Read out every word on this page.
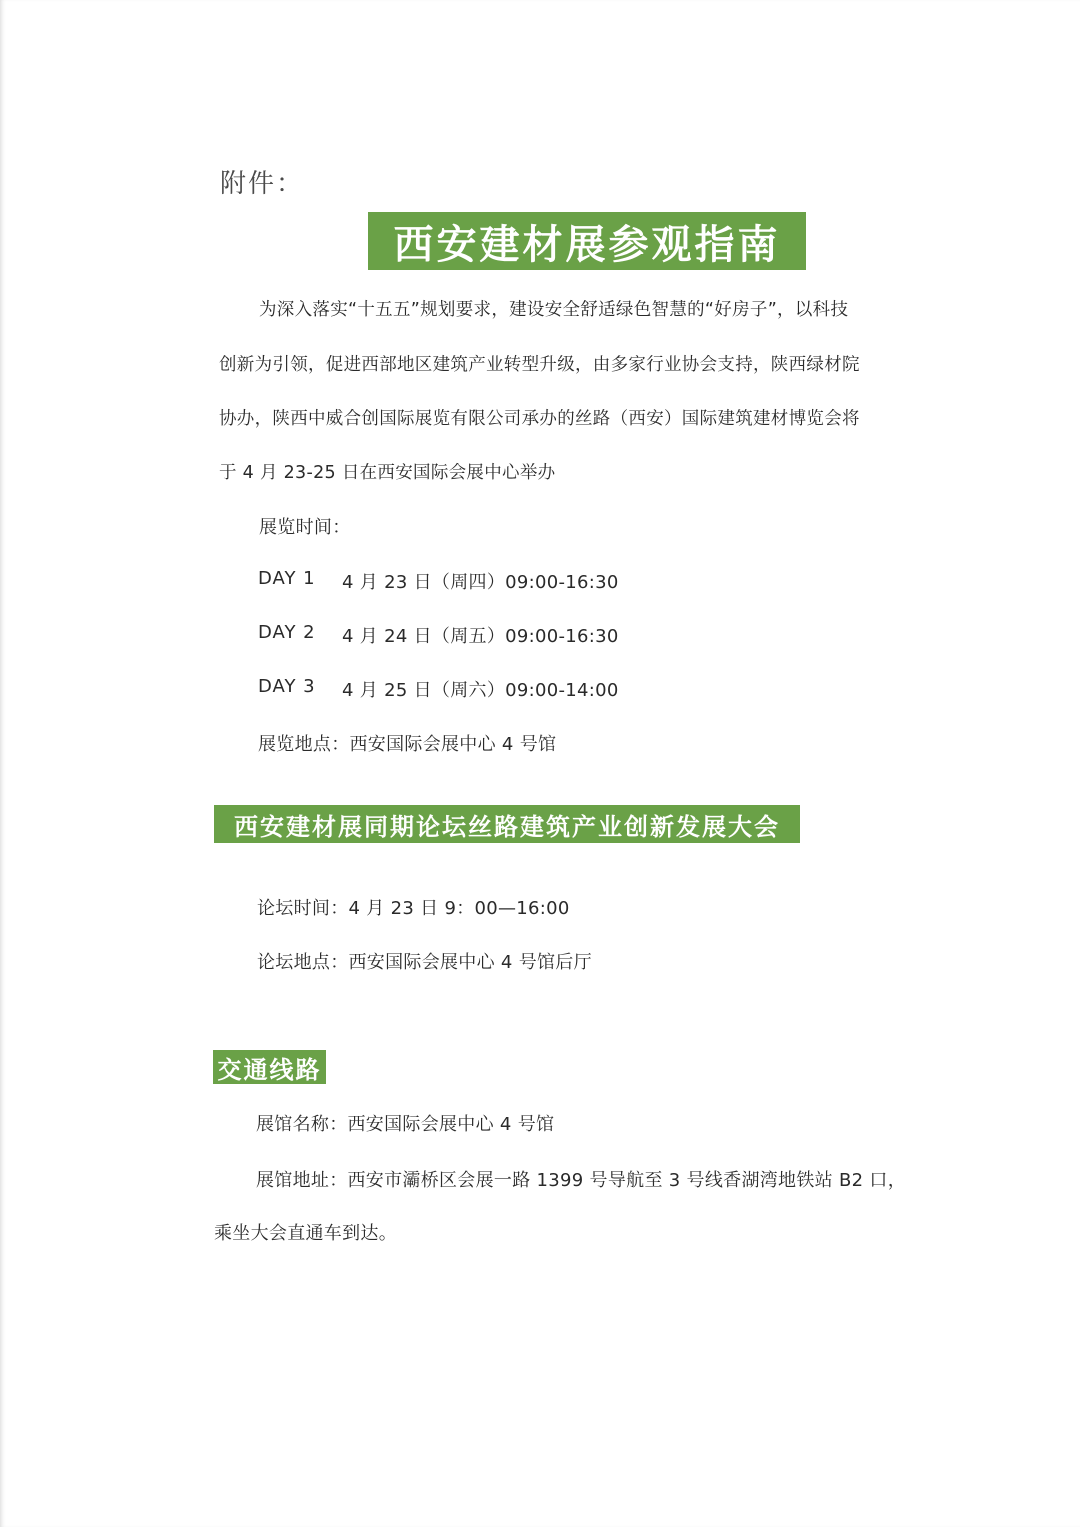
附件：
西安建材展参观指南
为深入落实“十五五”规划要求，建设安全舒适绿色智慧的“好房子”，以科技
创新为引领，促进西部地区建筑产业转型升级，由多家行业协会支持，陕西绿材院
协办，陕西中威合创国际展览有限公司承办的丝路（西安）国际建筑建材博览会将
于 4 月 23-25 日在西安国际会展中心举办
展览时间：
DAY 1 4 月 23 日（周四）09:00-16:30
DAY 2 4 月 24 日（周五）09:00-16:30
DAY 3 4 月 25 日（周六）09:00-14:00
展览地点：西安国际会展中心 4 号馆
西安建材展同期论坛丝路建筑产业创新发展大会
论坛时间：4 月 23 日 9：00—16:00
论坛地点：西安国际会展中心 4 号馆后厅
交通线路
展馆名称：西安国际会展中心 4 号馆
展馆地址：西安市灞桥区会展一路 1399 号导航至 3 号线香湖湾地铁站 B2 口，
乘坐大会直通车到达。
